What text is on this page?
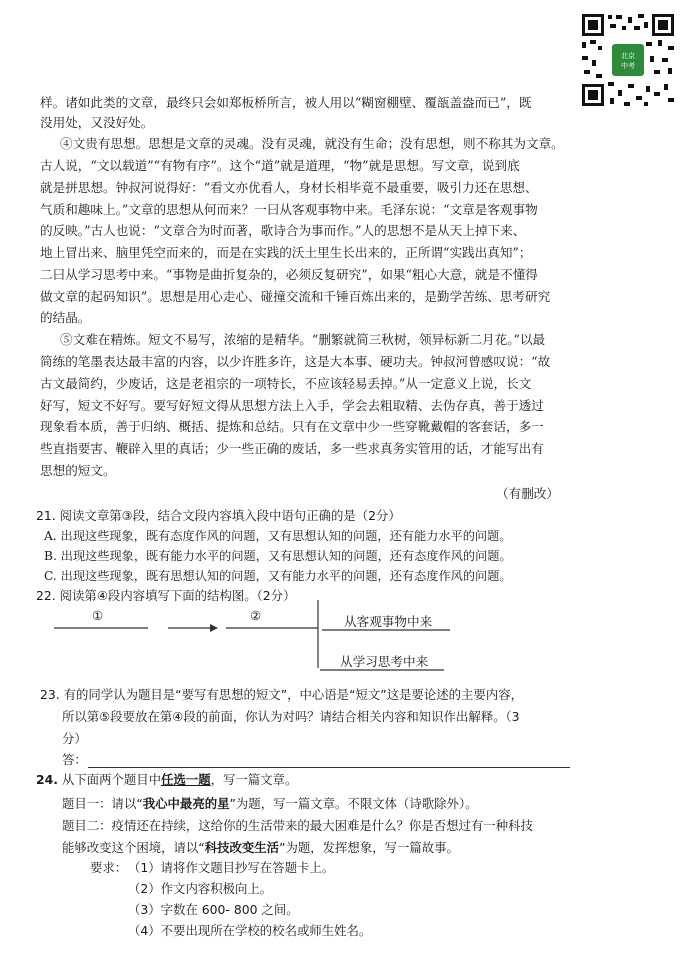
北京
中考
样。诸如此类的文章，最终只会如郑板桥所言，被人用以“糊窗棚壁、覆瓿盖盎而已”，既
没用处，又没好处。
④文贵有思想。思想是文章的灵魂。没有灵魂，就没有生命；没有思想，则不称其为文章。
古人说，“文以载道”“有物有序”。这个“道”就是道理，“物”就是思想。写文章，说到底
就是拼思想。钟叔河说得好：“看文亦优看人，身材长相毕竟不最重要，吸引力还在思想、
气质和趣味上。”文章的思想从何而来？一曰从客观事物中来。毛泽东说：“文章是客观事物
的反映。”古人也说：“文章合为时而著，歌诗合为事而作。”人的思想不是从天上掉下来、
地上冒出来、脑里凭空而来的，而是在实践的沃土里生长出来的，正所谓“实践出真知”；
二曰从学习思考中来。“事物是曲折复杂的，必须反复研究”，如果“粗心大意，就是不懂得
做文章的起码知识”。思想是用心走心、碰撞交流和千锤百炼出来的，是勤学苦练、思考研究
的结晶。
⑤文难在精炼。短文不易写，浓缩的是精华。“删繁就简三秋树，领异标新二月花。”以最
简练的笔墨表达最丰富的内容，以少许胜多许，这是大本事、硬功夫。钟叔河曾感叹说：“故
古文最简约，少废话，这是老祖宗的一项特长，不应该轻易丢掉。”从一定意义上说，长文
好写，短文不好写。要写好短文得从思想方法上入手，学会去粗取精、去伪存真，善于透过
现象看本质，善于归纳、概括、提炼和总结。只有在文章中少一些穿靴戴帽的客套话，多一
些直指要害、鞭辟入里的真话；少一些正确的废话，多一些求真务实管用的话，才能写出有
思想的短文。
（有删改）
21. 阅读文章第③段，结合文段内容填入段中语句正确的是（2分）
A. 出现这些现象，既有态度作风的问题，又有思想认知的问题，还有能力水平的问题。
B. 出现这些现象，既有能力水平的问题，又有思想认知的问题，还有态度作风的问题。
C. 出现这些现象，既有思想认知的问题，又有能力水平的问题，还有态度作风的问题。
22. 阅读第④段内容填写下面的结构图。（2分）
①	②	从客观事物中来
从学习思考中来
23. 有的同学认为题目是“要写有思想的短文”，中心语是“短文”这是要论述的主要内容，
所以第⑤段要放在第④段的前面，你认为对吗？请结合相关内容和知识作出解释。（3
分）
答：
24. 从下面两个题目中任选一题，写一篇文章。
题目一：请以“我心中最亮的星”为题，写一篇文章。不限文体（诗歌除外）。
题目二：疫情还在持续，这给你的生活带来的最大困难是什么？你是否想过有一种科技
能够改变这个困境，请以“科技改变生活”为题，发挥想象，写一篇故事。
要求： （1）请将作文题目抄写在答题卡上。
（2）作文内容积极向上。
（3）字数在 600- 800 之间。
（4）不要出现所在学校的校名或师生姓名。
